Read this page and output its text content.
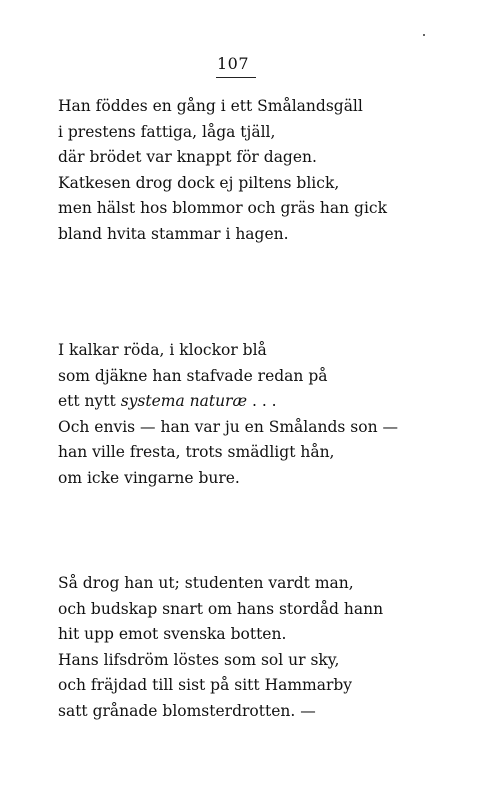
107
Han föddes en gång i ett Smålandsgäll
i prestens fattiga, låga tjäll,
där brödet var knappt för dagen.
Katkesen drog dock ej piltens blick,
men hälst hos blommor och gräs han gick
bland hvita stammar i hagen.
I kalkar röda, i klockor blå
som djäkne han stafvade redan på
ett nytt systema naturæ . . .
Och envis — han var ju en Smålands son —
han ville fresta, trots smädligt hån,
om icke vingarne bure.
Så drog han ut; studenten vardt man,
och budskap snart om hans stordåd hann
hit upp emot svenska botten.
Hans lifsdröm löstes som sol ur sky,
och fräjdad till sist på sitt Hammarby
satt grånade blomsterdrotten. —
